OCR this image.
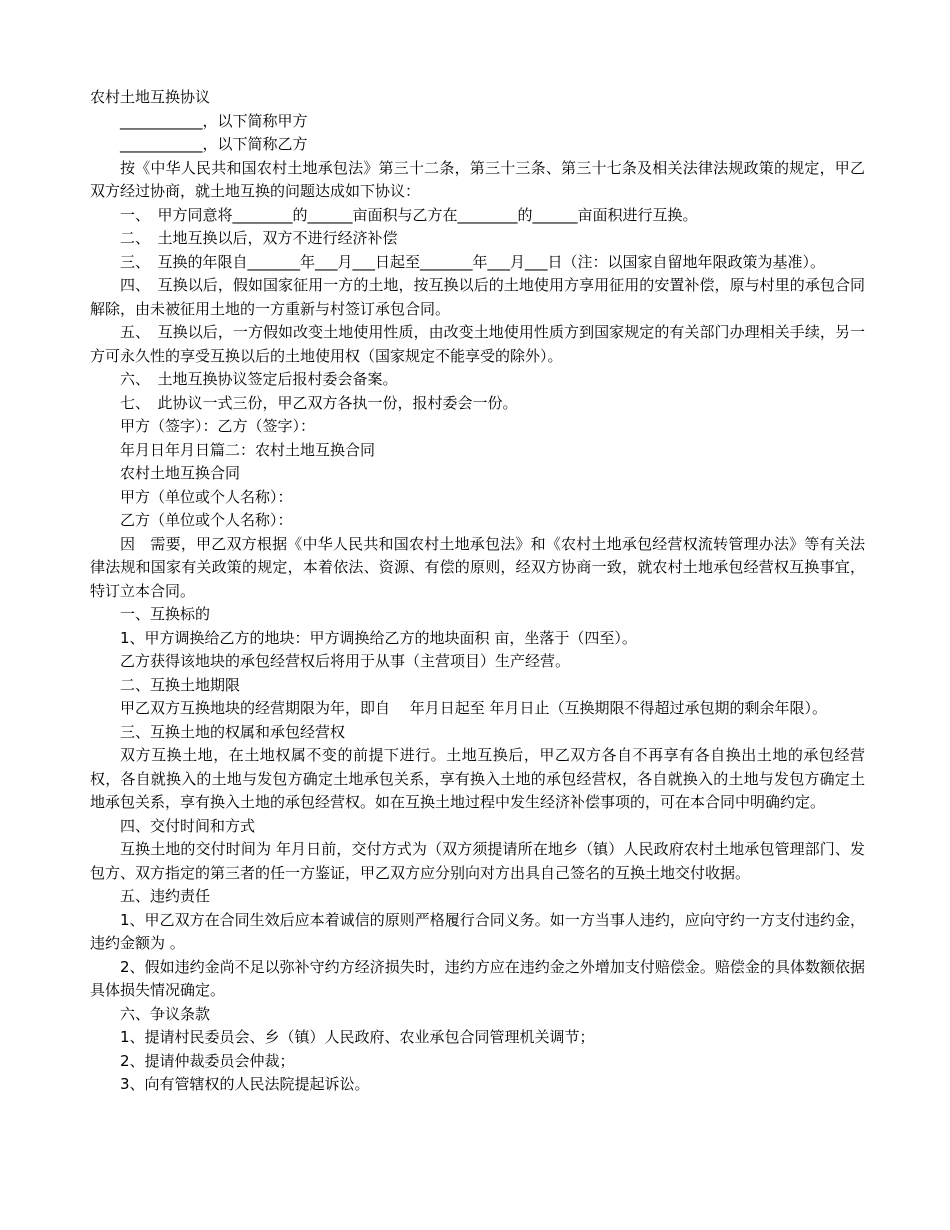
农村土地互换协议

___________，以下简称甲方

___________，以下简称乙方

按《中华人民共和国农村土地承包法》第三十二条，第三十三条、第三十七条及相关法律法规政策的规定，甲乙双方经过协商，就土地互换的问题达成如下协议：

一、　甲方同意将________的______亩面积与乙方在________的______亩面积进行互换。

二、　土地互换以后，双方不进行经济补偿

三、　互换的年限自_______年___月___日起至_______年___月___日（注：以国家自留地年限政策为基准）。

四、　互换以后，假如国家征用一方的土地，按互换以后的土地使用方享用征用的安置补偿，原与村里的承包合同解除，由未被征用土地的一方重新与村签订承包合同。

五、　互换以后，一方假如改变土地使用性质，由改变土地使用性质方到国家规定的有关部门办理相关手续，另一方可永久性的享受互换以后的土地使用权（国家规定不能享受的除外）。

六、　土地互换协议签定后报村委会备案。

七、　此协议一式三份，甲乙双方各执一份，报村委会一份。

甲方（签字）：乙方（签字）：

年月日年月日篇二：农村土地互换合同

农村土地互换合同

甲方（单位或个人名称）：

乙方（单位或个人名称）：

因　需要，甲乙双方根据《中华人民共和国农村土地承包法》和《农村土地承包经营权流转管理办法》等有关法律法规和国家有关政策的规定，本着依法、资源、有偿的原则，经双方协商一致，就农村土地承包经营权互换事宜，特订立本合同。

一、互换标的

1、甲方调换给乙方的地块：甲方调换给乙方的地块面积 亩，坐落于（四至）。

乙方获得该地块的承包经营权后将用于从事（主营项目）生产经营。

二、互换土地期限

甲乙双方互换地块的经营期限为年，即自　 年月日起至 年月日止（互换期限不得超过承包期的剩余年限）。

三、互换土地的权属和承包经营权

双方互换土地，在土地权属不变的前提下进行。土地互换后，甲乙双方各自不再享有各自换出土地的承包经营权，各自就换入的土地与发包方确定土地承包关系，享有换入土地的承包经营权，各自就换入的土地与发包方确定土地承包关系，享有换入土地的承包经营权。如在互换土地过程中发生经济补偿事项的，可在本合同中明确约定。

四、交付时间和方式

互换土地的交付时间为 年月日前，交付方式为（双方须提请所在地乡（镇）人民政府农村土地承包管理部门、发包方、双方指定的第三者的任一方鉴证，甲乙双方应分别向对方出具自己签名的互换土地交付收据。

五、违约责任

1、甲乙双方在合同生效后应本着诚信的原则严格履行合同义务。如一方当事人违约，应向守约一方支付违约金，违约金额为 。

2、假如违约金尚不足以弥补守约方经济损失时，违约方应在违约金之外增加支付赔偿金。赔偿金的具体数额依据具体损失情况确定。

六、争议条款

1、提请村民委员会、乡（镇）人民政府、农业承包合同管理机关调节；

2、提请仲裁委员会仲裁；

3、向有管辖权的人民法院提起诉讼。
